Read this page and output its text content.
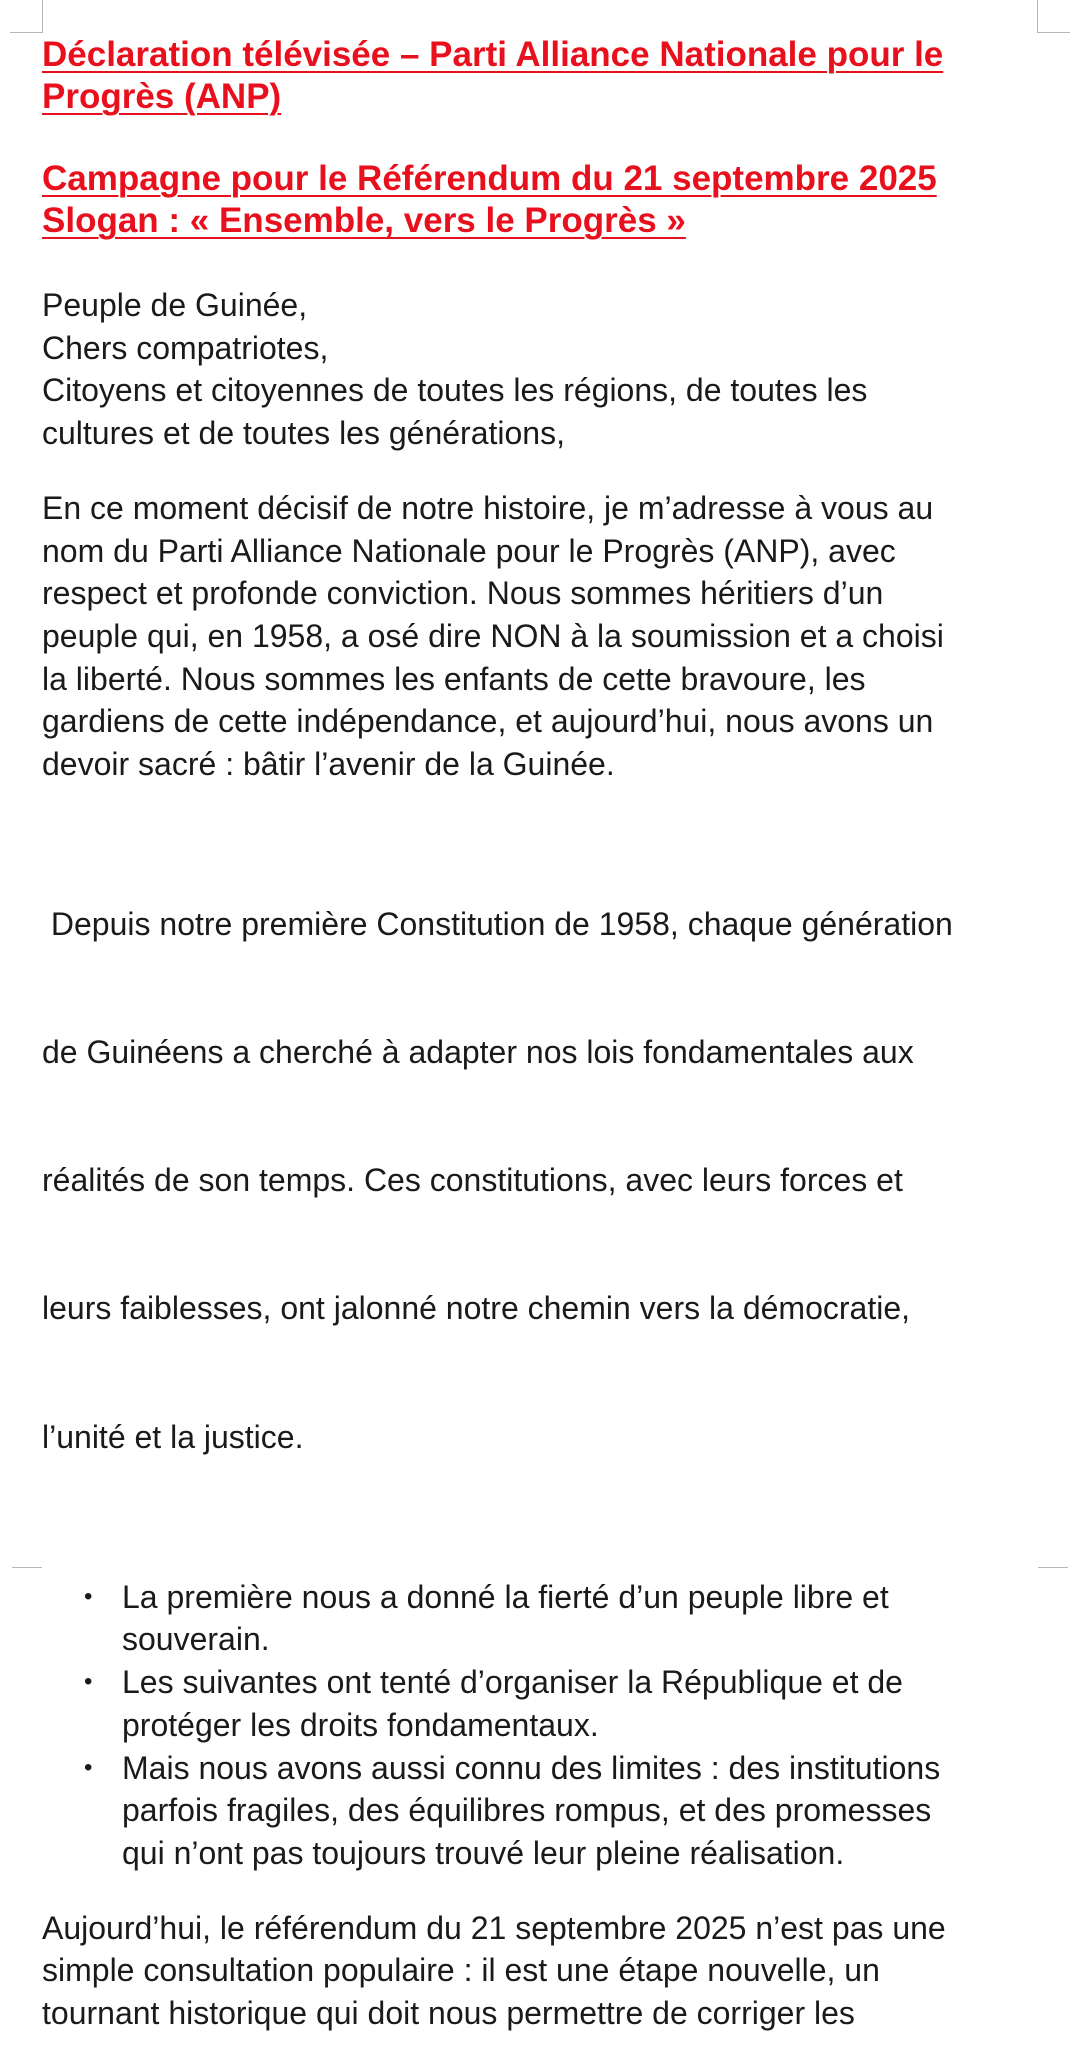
Déclaration télévisée – Parti Alliance Nationale pour le
Progrès (ANP)
Campagne pour le Référendum du 21 septembre 2025
Slogan : « Ensemble, vers le Progrès »

Peuple de Guinée,
Chers compatriotes,
Citoyens et citoyennes de toutes les régions, de toutes les
cultures et de toutes les générations,

En ce moment décisif de notre histoire, je m’adresse à vous au
nom du Parti Alliance Nationale pour le Progrès (ANP), avec
respect et profonde conviction. Nous sommes héritiers d’un
peuple qui, en 1958, a osé dire NON à la soumission et a choisi
la liberté. Nous sommes les enfants de cette bravoure, les
gardiens de cette indépendance, et aujourd’hui, nous avons un
devoir sacré : bâtir l’avenir de la Guinée.

Depuis notre première Constitution de 1958, chaque génération

de Guinéens a cherché à adapter nos lois fondamentales aux

réalités de son temps. Ces constitutions, avec leurs forces et

leurs faiblesses, ont jalonné notre chemin vers la démocratie,

l’unité et la justice.

• La première nous a donné la fierté d’un peuple libre et
souverain.
• Les suivantes ont tenté d’organiser la République et de
protéger les droits fondamentaux.
• Mais nous avons aussi connu des limites : des institutions
parfois fragiles, des équilibres rompus, et des promesses
qui n’ont pas toujours trouvé leur pleine réalisation.

Aujourd’hui, le référendum du 21 septembre 2025 n’est pas une
simple consultation populaire : il est une étape nouvelle, un
tournant historique qui doit nous permettre de corriger les
